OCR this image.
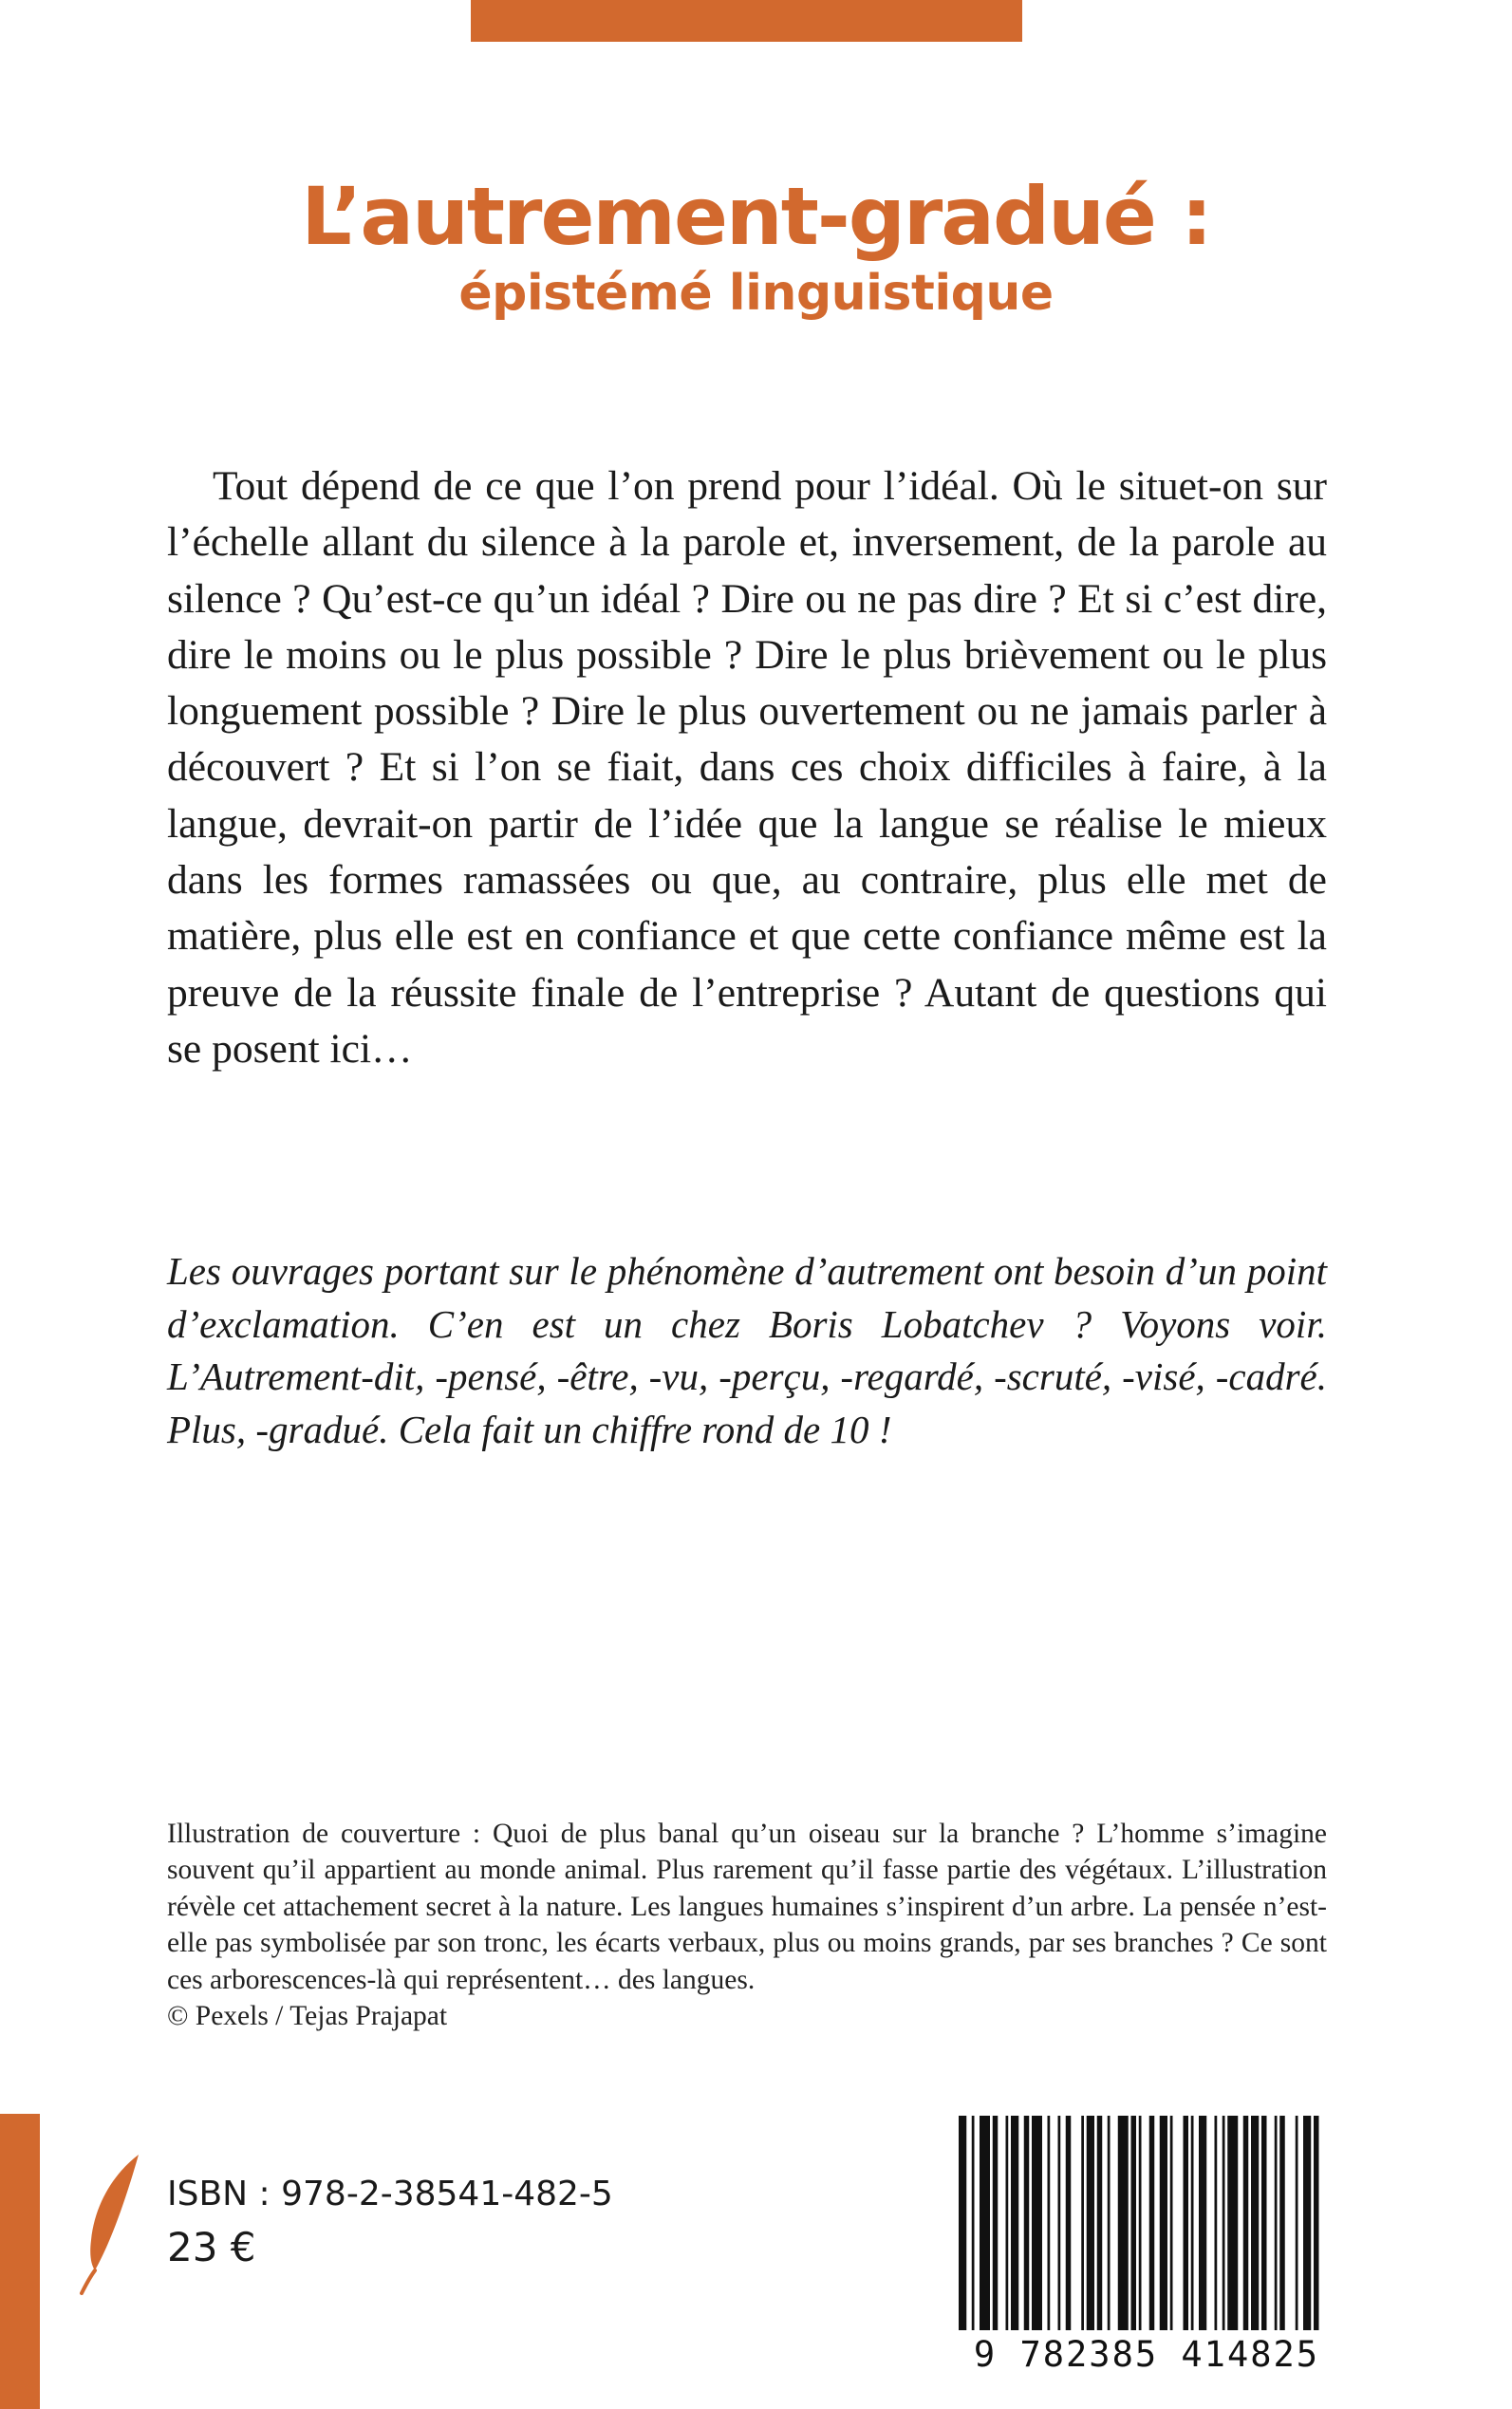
L’autrement-gradué :
épistémé linguistique

Tout dépend de ce que l’on prend pour l’idéal. Où le situet-on sur l’échelle allant du silence à la parole et, inversement, de la parole au silence ? Qu’est-ce qu’un idéal ? Dire ou ne pas dire ? Et si c’est dire, dire le moins ou le plus possible ? Dire le plus brièvement ou le plus longuement possible ? Dire le plus ouvertement ou ne jamais parler à découvert ? Et si l’on se fiait, dans ces choix difficiles à faire, à la langue, devrait-on partir de l’idée que la langue se réalise le mieux dans les formes ramassées ou que, au contraire, plus elle met de matière, plus elle est en confiance et que cette confiance même est la preuve de la réussite finale de l’entreprise ? Autant de questions qui se posent ici…

Les ouvrages portant sur le phénomène d’autrement ont besoin d’un point d’exclamation. C’en est un chez Boris Lobatchev ? Voyons voir. L’Autrement-dit, -pensé, -être, -vu, -perçu, -regardé, -scruté, -visé, -cadré. Plus, -gradué. Cela fait un chiffre rond de 10 !

Illustration de couverture : Quoi de plus banal qu’un oiseau sur la branche ? L’homme s’imagine souvent qu’il appartient au monde animal. Plus rarement qu’il fasse partie des végétaux. L’illustration révèle cet attachement secret à la nature. Les langues humaines s’inspirent d’un arbre. La pensée n’est-elle pas symbolisée par son tronc, les écarts verbaux, plus ou moins grands, par ses branches ? Ce sont ces arborescences-là qui représentent… des langues.
© Pexels / Tejas Prajapat
ISBN : 978-2-38541-482-5
23 €
9 782385 414825
